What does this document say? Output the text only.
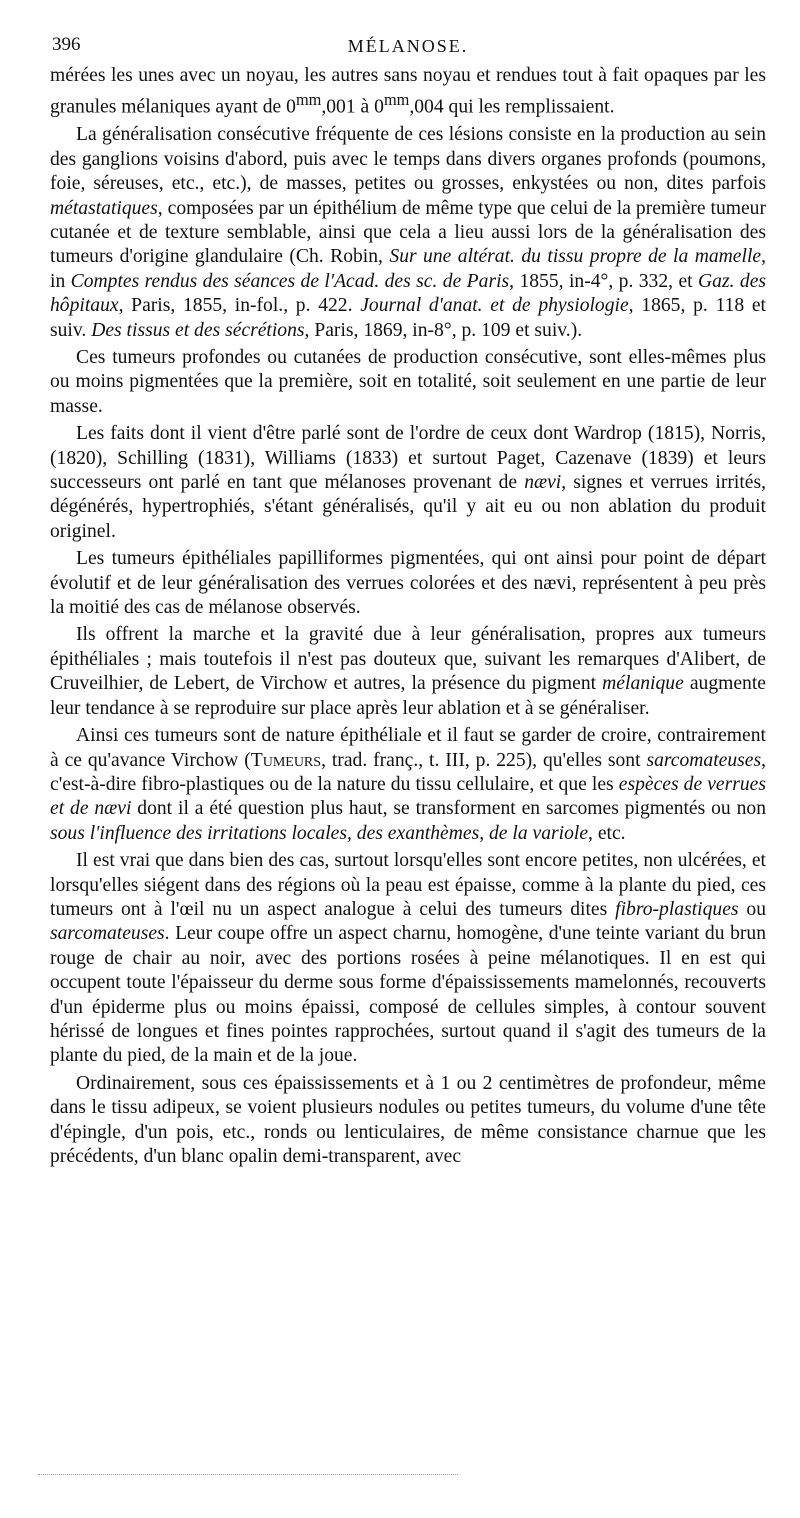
396	MÉLANOSE.

mérées les unes avec un noyau, les autres sans noyau et rendues tout à fait opaques par les granules mélaniques ayant de $0^{mm},001$ à $0^{mm},004$ qui les remplissaient.

La généralisation consécutive fréquente de ces lésions consiste en la production au sein des ganglions voisins d'abord, puis avec le temps dans divers organes profonds (poumons, foie, séreuses, etc., etc.), de masses, petites ou grosses, enkystées ou non, dites parfois métastatiques, composées par un épithélium de même type que celui de la première tumeur cutanée et de texture semblable, ainsi que cela a lieu aussi lors de la généralisation des tumeurs d'origine glandulaire (Ch. Robin, Sur une altérat. du tissu propre de la mamelle, in Comptes rendus des séances de l'Acad. des sc. de Paris, 1855, in-4°, p. 332, et Gaz. des hôpitaux, Paris, 1855, in-fol., p. 422. Journal d'anat. et de physiologie, 1865, p. 118 et suiv. Des tissus et des sécrétions, Paris, 1869, in-8°, p. 109 et suiv.).

Ces tumeurs profondes ou cutanées de production consécutive, sont elles-mêmes plus ou moins pigmentées que la première, soit en totalité, soit seulement en une partie de leur masse.

Les faits dont il vient d'être parlé sont de l'ordre de ceux dont Wardrop (1815), Norris, (1820), Schilling (1831), Williams (1833) et surtout Paget, Cazenave (1839) et leurs successeurs ont parlé en tant que mélanoses provenant de nævi, signes et verrues irrités, dégénérés, hypertrophiés, s'étant généralisés, qu'il y ait eu ou non ablation du produit originel.

Les tumeurs épithéliales papilliformes pigmentées, qui ont ainsi pour point de départ évolutif et de leur généralisation des verrues colorées et des nævi, représentent à peu près la moitié des cas de mélanose observés.

Ils offrent la marche et la gravité due à leur généralisation, propres aux tumeurs épithéliales ; mais toutefois il n'est pas douteux que, suivant les remarques d'Alibert, de Cruveilhier, de Lebert, de Virchow et autres, la présence du pigment mélanique augmente leur tendance à se reproduire sur place après leur ablation et à se généraliser.

Ainsi ces tumeurs sont de nature épithéliale et il faut se garder de croire, contrairement à ce qu'avance Virchow (Tumeurs, trad. franç., t. III, p. 225), qu'elles sont sarcomateuses, c'est-à-dire fibro-plastiques ou de la nature du tissu cellulaire, et que les espèces de verrues et de nævi dont il a été question plus haut, se transforment en sarcomes pigmentés ou non sous l'influence des irritations locales, des exanthèmes, de la variole, etc.

Il est vrai que dans bien des cas, surtout lorsqu'elles sont encore petites, non ulcérées, et lorsqu'elles siégent dans des régions où la peau est épaisse, comme à la plante du pied, ces tumeurs ont à l'œil nu un aspect analogue à celui des tumeurs dites fibro-plastiques ou sarcomateuses. Leur coupe offre un aspect charnu, homogène, d'une teinte variant du brun rouge de chair au noir, avec des portions rosées à peine mélanotiques. Il en est qui occupent toute l'épaisseur du derme sous forme d'épaississements mamelonnés, recouverts d'un épiderme plus ou moins épaissi, composé de cellules simples, à contour souvent hérissé de longues et fines pointes rapprochées, surtout quand il s'agit des tumeurs de la plante du pied, de la main et de la joue.

Ordinairement, sous ces épaississements et à 1 ou 2 centimètres de profondeur, même dans le tissu adipeux, se voient plusieurs nodules ou petites tumeurs, du volume d'une tête d'épingle, d'un pois, etc., ronds ou lenticulaires, de même consistance charnue que les précédents, d'un blanc opalin demi-transparent, avec
